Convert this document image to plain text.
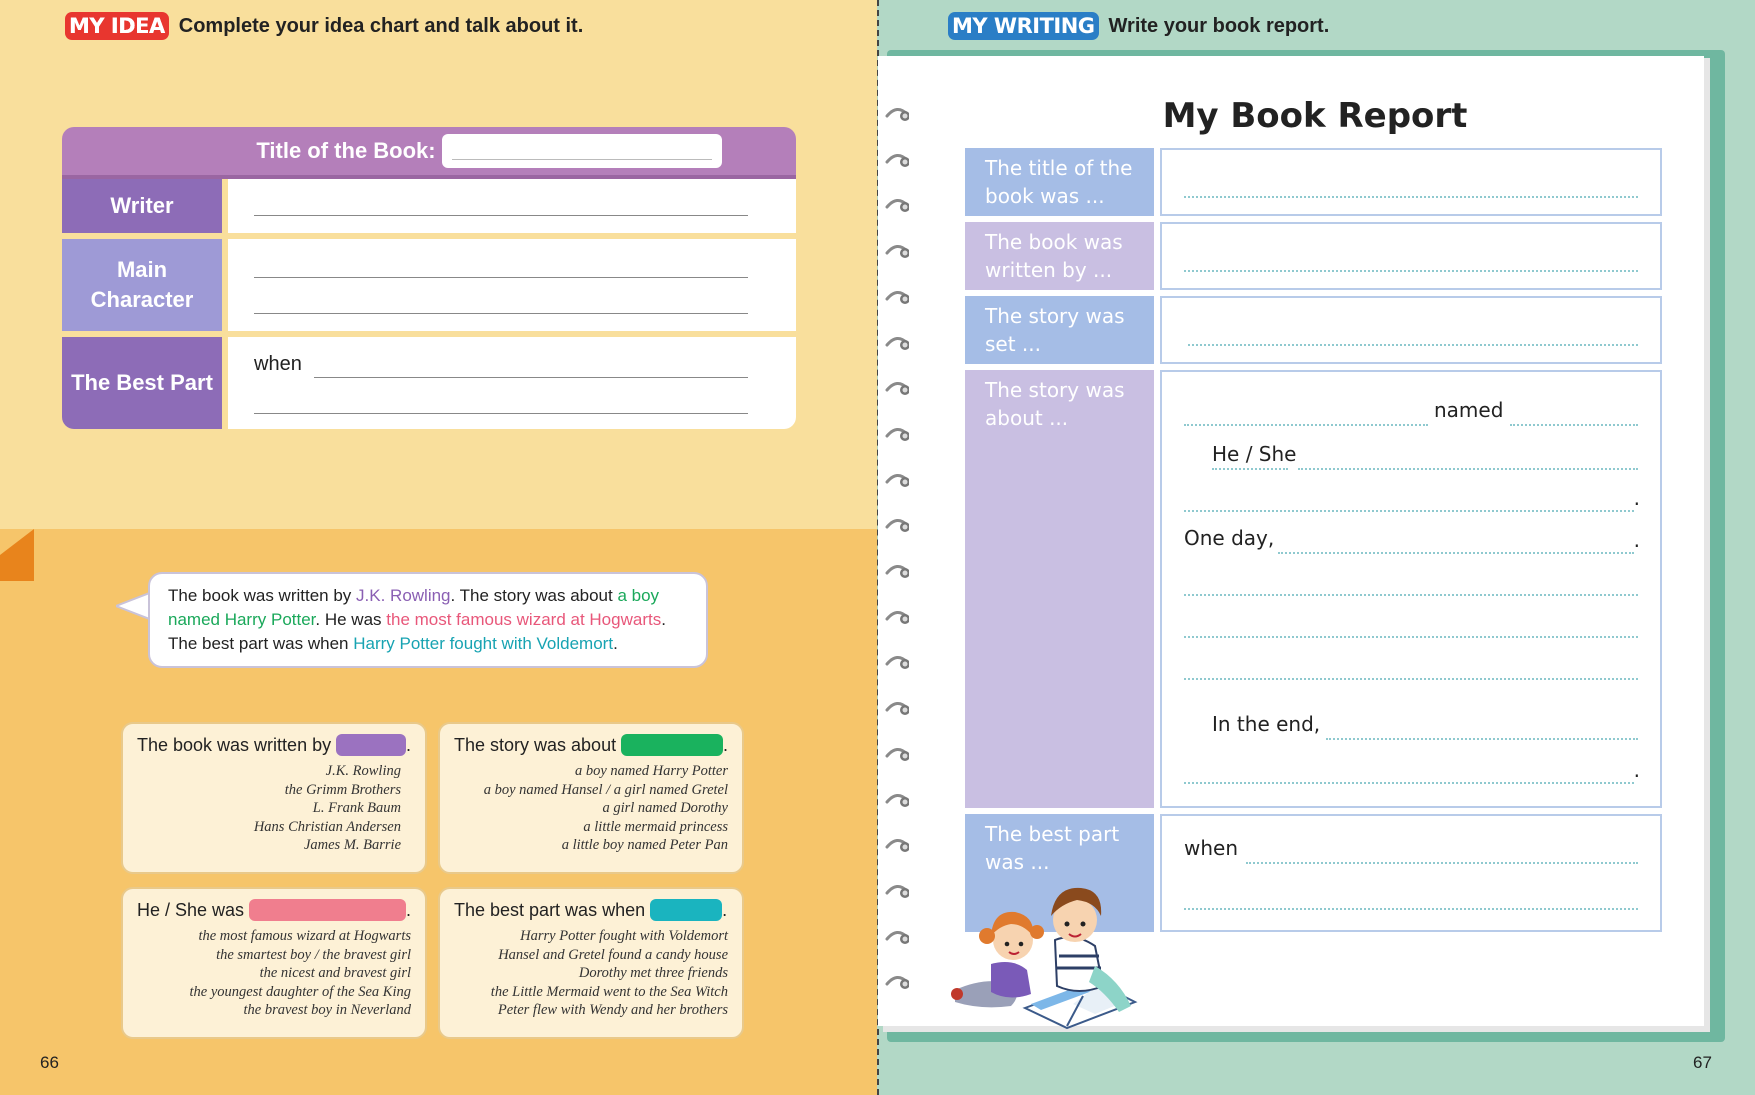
MY IDEA Complete your idea chart and talk about it.
Title of the Book:
Writer
Main Character
The Best Part
when
The book was written by J.K. Rowling. The story was about a boy named Harry Potter. He was the most famous wizard at Hogwarts.
The best part was when Harry Potter fought with Voldemort.
The book was written by	.
J.K. Rowling
the Grimm Brothers
L. Frank Baum
Hans Christian Andersen
James M. Barrie
The story was about	.
a boy named Harry Potter
a boy named Hansel / a girl named Gretel
a girl named Dorothy
a little mermaid princess
a little boy named Peter Pan
He / She was	.
the most famous wizard at Hogwarts
the smartest boy / the bravest girl
the nicest and bravest girl
the youngest daughter of the Sea King
the bravest boy in Neverland
The best part was when	.
Harry Potter fought with Voldemort
Hansel and Gretel found a candy house
Dorothy met three friends
the Little Mermaid went to the Sea Witch
Peter flew with Wendy and her brothers
66
MY WRITING Write your book report.
My Book Report
The title of the book was ...
The book was written by ...
The story was set ...
The story was about ...	named
He / She
.
One day,	.
In the end,
.
The best part was ...
when
67
